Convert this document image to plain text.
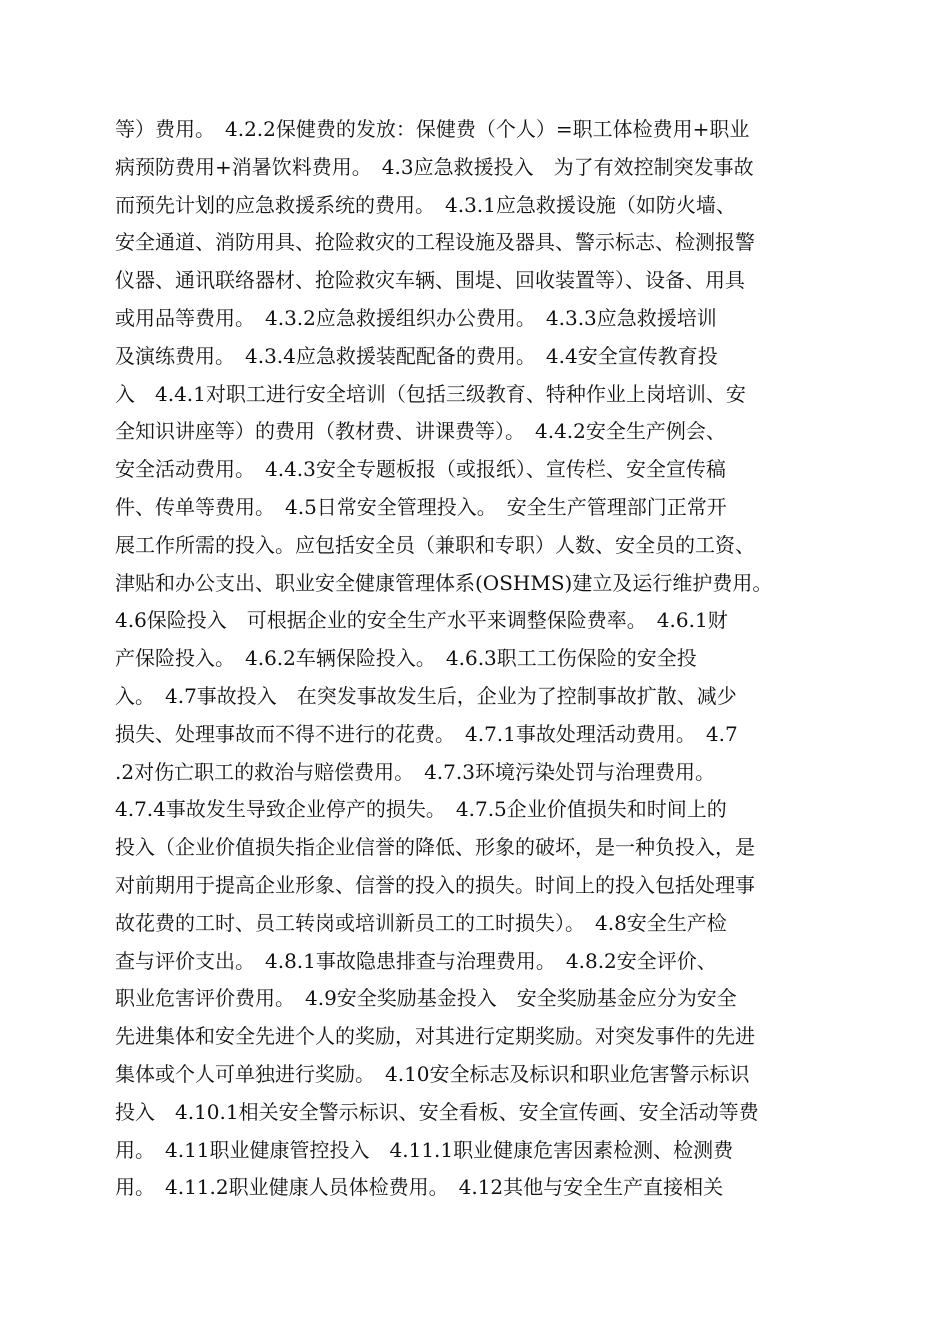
等）费用。　4.2.2保健费的发放：保健费（个人）=职工体检费用+职业
病预防费用+消暑饮料费用。　4.3应急救援投入　为了有效控制突发事故
而预先计划的应急救援系统的费用。　4.3.1应急救援设施（如防火墙、
安全通道、消防用具、抢险救灾的工程设施及器具、警示标志、检测报警
仪器、通讯联络器材、抢险救灾车辆、围堤、回收装置等）、设备、用具
或用品等费用。　4.3.2应急救援组织办公费用。　4.3.3应急救援培训
及演练费用。　4.3.4应急救援装配配备的费用。　4.4安全宣传教育投
入　4.4.1对职工进行安全培训（包括三级教育、特种作业上岗培训、安
全知识讲座等）的费用（教材费、讲课费等）。　4.4.2安全生产例会、
安全活动费用。　4.4.3安全专题板报（或报纸）、宣传栏、安全宣传稿
件、传单等费用。　4.5日常安全管理投入。　安全生产管理部门正常开
展工作所需的投入。应包括安全员（兼职和专职）人数、安全员的工资、
津贴和办公支出、职业安全健康管理体系(OSHMS)建立及运行维护费用。
4.6保险投入　可根据企业的安全生产水平来调整保险费率。　4.6.1财
产保险投入。　4.6.2车辆保险投入。　4.6.3职工工伤保险的安全投
入。　4.7事故投入　在突发事故发生后，企业为了控制事故扩散、减少
损失、处理事故而不得不进行的花费。　4.7.1事故处理活动费用。　4.7
.2对伤亡职工的救治与赔偿费用。　4.7.3环境污染处罚与治理费用。
4.7.4事故发生导致企业停产的损失。　4.7.5企业价值损失和时间上的
投入（企业价值损失指企业信誉的降低、形象的破坏，是一种负投入，是
对前期用于提高企业形象、信誉的投入的损失。时间上的投入包括处理事
故花费的工时、员工转岗或培训新员工的工时损失）。　4.8安全生产检
查与评价支出。　4.8.1事故隐患排查与治理费用。　4.8.2安全评价、
职业危害评价费用。　4.9安全奖励基金投入　安全奖励基金应分为安全
先进集体和安全先进个人的奖励，对其进行定期奖励。对突发事件的先进
集体或个人可单独进行奖励。　4.10安全标志及标识和职业危害警示标识
投入　4.10.1相关安全警示标识、安全看板、安全宣传画、安全活动等费
用。　4.11职业健康管控投入　4.11.1职业健康危害因素检测、检测费
用。　4.11.2职业健康人员体检费用。　4.12其他与安全生产直接相关
